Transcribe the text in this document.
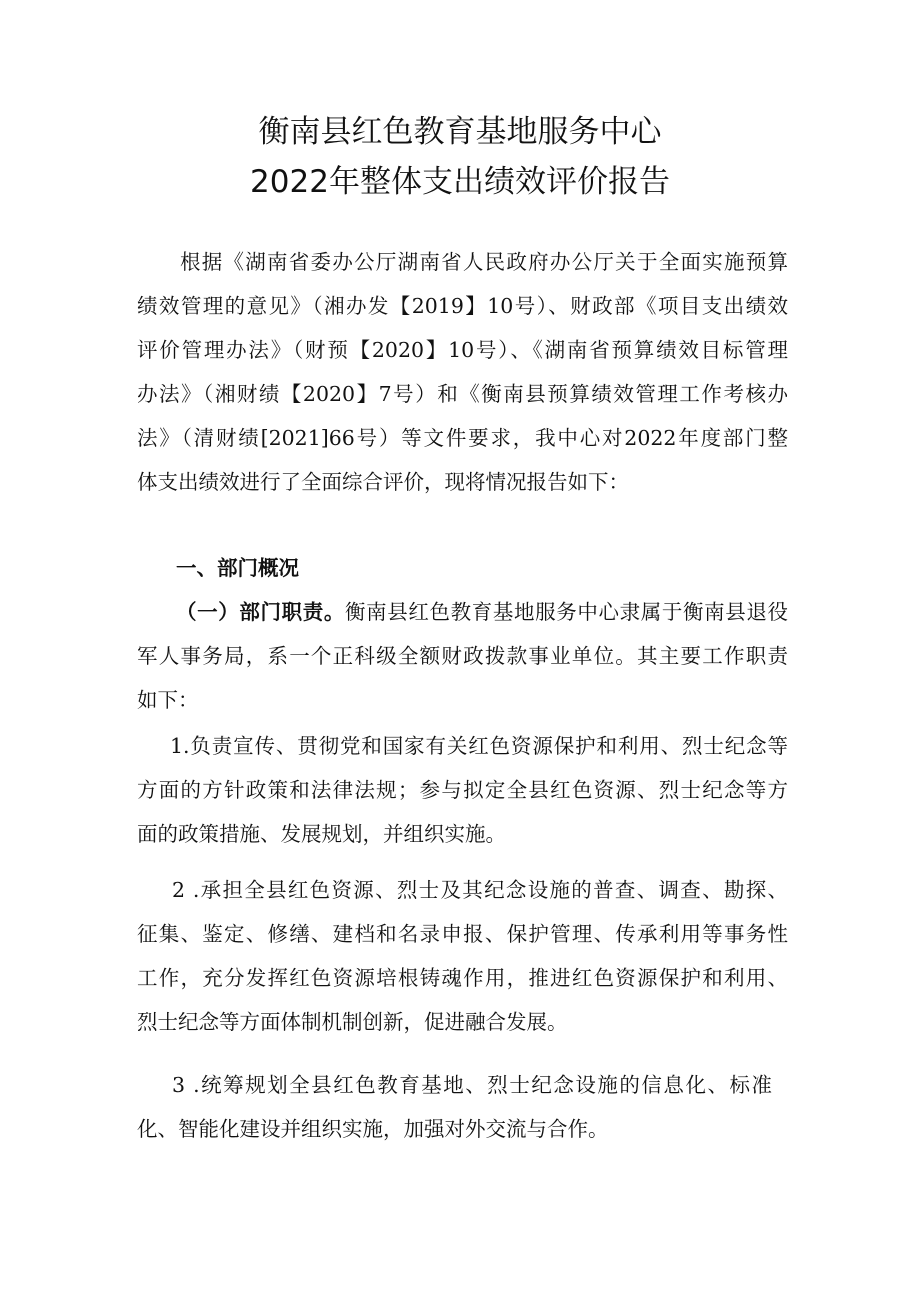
衡南县红色教育基地服务中心
2022年整体支出绩效评价报告
根据《湖南省委办公厅湖南省人民政府办公厅关于全面实施预算
绩效管理的意见》（湘办发【2019】10号）、财政部《项目支出绩效
评价管理办法》（财预【2020】10号）、《湖南省预算绩效目标管理
办法》（湘财绩【2020】7号）和《衡南县预算绩效管理工作考核办
法》（清财绩[2021]66号）等文件要求，我中心对2022年度部门整
体支出绩效进行了全面综合评价，现将情况报告如下：
一、部门概况
（一）部门职责。衡南县红色教育基地服务中心隶属于衡南县退役
军人事务局，系一个正科级全额财政拨款事业单位。其主要工作职责
如下：
1.负责宣传、贯彻党和国家有关红色资源保护和利用、烈士纪念等
方面的方针政策和法律法规；参与拟定全县红色资源、烈士纪念等方
面的政策措施、发展规划，并组织实施。
2 .承担全县红色资源、烈士及其纪念设施的普查、调查、勘探、
征集、鉴定、修缮、建档和名录申报、保护管理、传承利用等事务性
工作，充分发挥红色资源培根铸魂作用，推进红色资源保护和利用、
烈士纪念等方面体制机制创新，促进融合发展。
3 .统筹规划全县红色教育基地、烈士纪念设施的信息化、标准
化、智能化建设并组织实施，加强对外交流与合作。
